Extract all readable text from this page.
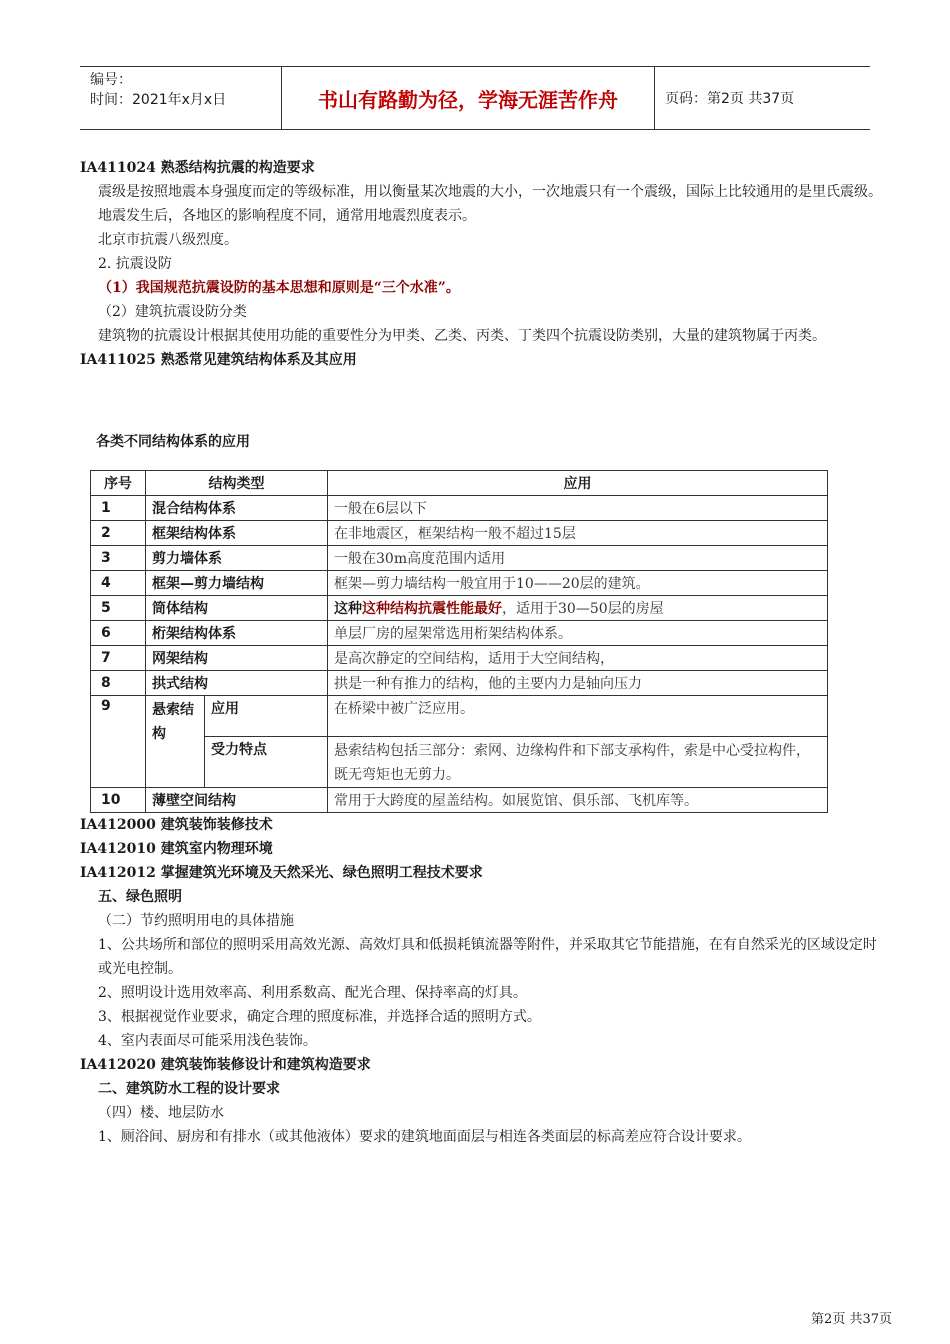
编号：
时间：2021年x月x日	书山有路勤为径，学海无涯苦作舟	页码：第2页 共37页

IA411024 熟悉结构抗震的构造要求

震级是按照地震本身强度而定的等级标准，用以衡量某次地震的大小，一次地震只有一个震级，国际上比较通用的是里氏震级。

地震发生后，各地区的影响程度不同，通常用地震烈度表示。

北京市抗震八级烈度。

2. 抗震设防

（1）我国规范抗震设防的基本思想和原则是“三个水准”。

（2）建筑抗震设防分类

建筑物的抗震设计根据其使用功能的重要性分为甲类、乙类、丙类、丁类四个抗震设防类别，大量的建筑物属于丙类。

IA411025 熟悉常见建筑结构体系及其应用

各类不同结构体系的应用

序号	结构类型		应用
1	混合结构体系		一般在6层以下
2	框架结构体系		在非地震区，框架结构一般不超过15层
3	剪力墙体系		一般在30m高度范围内适用
4	框架—剪力墙结构		框架—剪力墙结构一般宜用于10——20层的建筑。
5	筒体结构		这种这种结构抗震性能最好，适用于30—50层的房屋
6	桁架结构体系		单层厂房的屋架常选用桁架结构体系。
7	网架结构		是高次静定的空间结构，适用于大空间结构，
8	拱式结构		拱是一种有推力的结构，他的主要内力是轴向压力
9	悬索结构	应用	在桥梁中被广泛应用。
		受力特点	悬索结构包括三部分：索网、边缘构件和下部支承构件，索是中心受拉构件，既无弯矩也无剪力。
10	薄壁空间结构		常用于大跨度的屋盖结构。如展览馆、俱乐部、飞机库等。

IA412000 建筑装饰装修技术

IA412010 建筑室内物理环境

IA412012 掌握建筑光环境及天然采光、绿色照明工程技术要求

五、绿色照明

（二）节约照明用电的具体措施

1、公共场所和部位的照明采用高效光源、高效灯具和低损耗镇流器等附件，并采取其它节能措施，在有自然采光的区域设定时或光电控制。

2、照明设计选用效率高、利用系数高、配光合理、保持率高的灯具。

3、根据视觉作业要求，确定合理的照度标准，并选择合适的照明方式。

4、室内表面尽可能采用浅色装饰。

IA412020 建筑装饰装修设计和建筑构造要求

二、建筑防水工程的设计要求

（四）楼、地层防水

1、厕浴间、厨房和有排水（或其他液体）要求的建筑地面面层与相连各类面层的标高差应符合设计要求。

第2页 共37页
